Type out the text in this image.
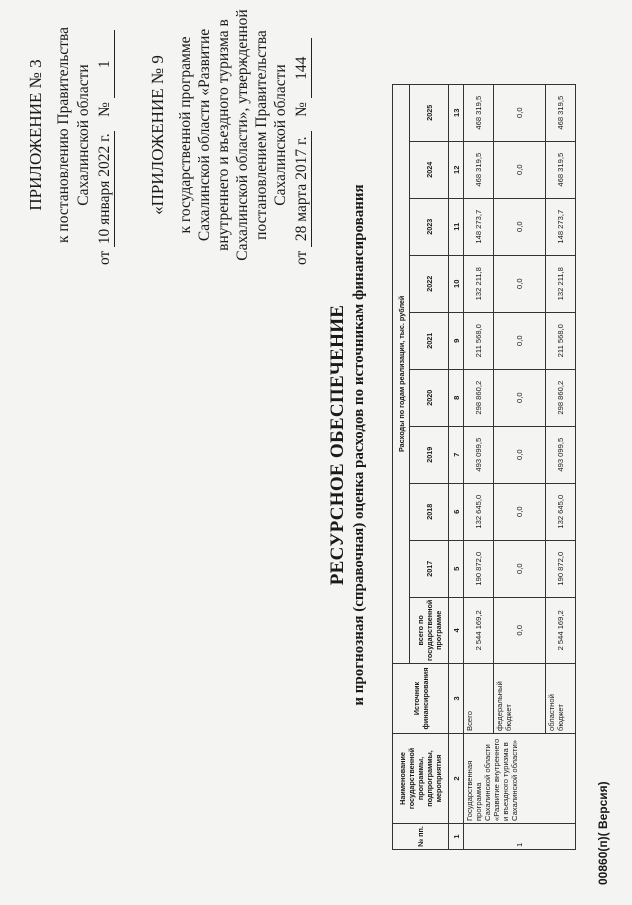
ПРИЛОЖЕНИЕ № 3 к постановлению Правительства Сахалинской области
от 10 января 2022 г. № 1 «ПРИЛОЖЕНИЕ № 9 к государственной программе Сахалинской области «Развитие внутреннего и въездного туризма в Сахалинской области», утвержденной постановлением Правительства Сахалинской области
от 28 марта 2017 г. № 144
РЕСУРСНОЕ ОБЕСПЕЧЕНИЕ и прогнозная (справочная) оценка расходов по источникам финансирования
№ пп.	Наименование государственной программы, подпрограммы, мероприятия	Источник финансирования	Расходы по годам реализации, тыс. рублей									
			всего по государственной программе	2017	2018	2019	2020	2021	2022	2023	2024	2025
1	2	3	4	5	6	7	8	9	10	11	12	13
1	Государственная программа Сахалинской области «Развитие внутреннего и въездного туризма в Сахалинской области»	Всего	2 544 169,2	190 872,0	132 645,0	493 099,5	298 860,2	211 568,0	132 211,8	148 273,7	468 319,5	468 319,5
		федеральный бюджет	0,0	0,0	0,0	0,0	0,0	0,0	0,0	0,0	0,0	0,0
		областной бюджет	2 544 169,2	190 872,0	132 645,0	493 099,5	298 860,2	211 568,0	132 211,8	148 273,7	468 319,5	468 319,5
00860(п)( Версия)
